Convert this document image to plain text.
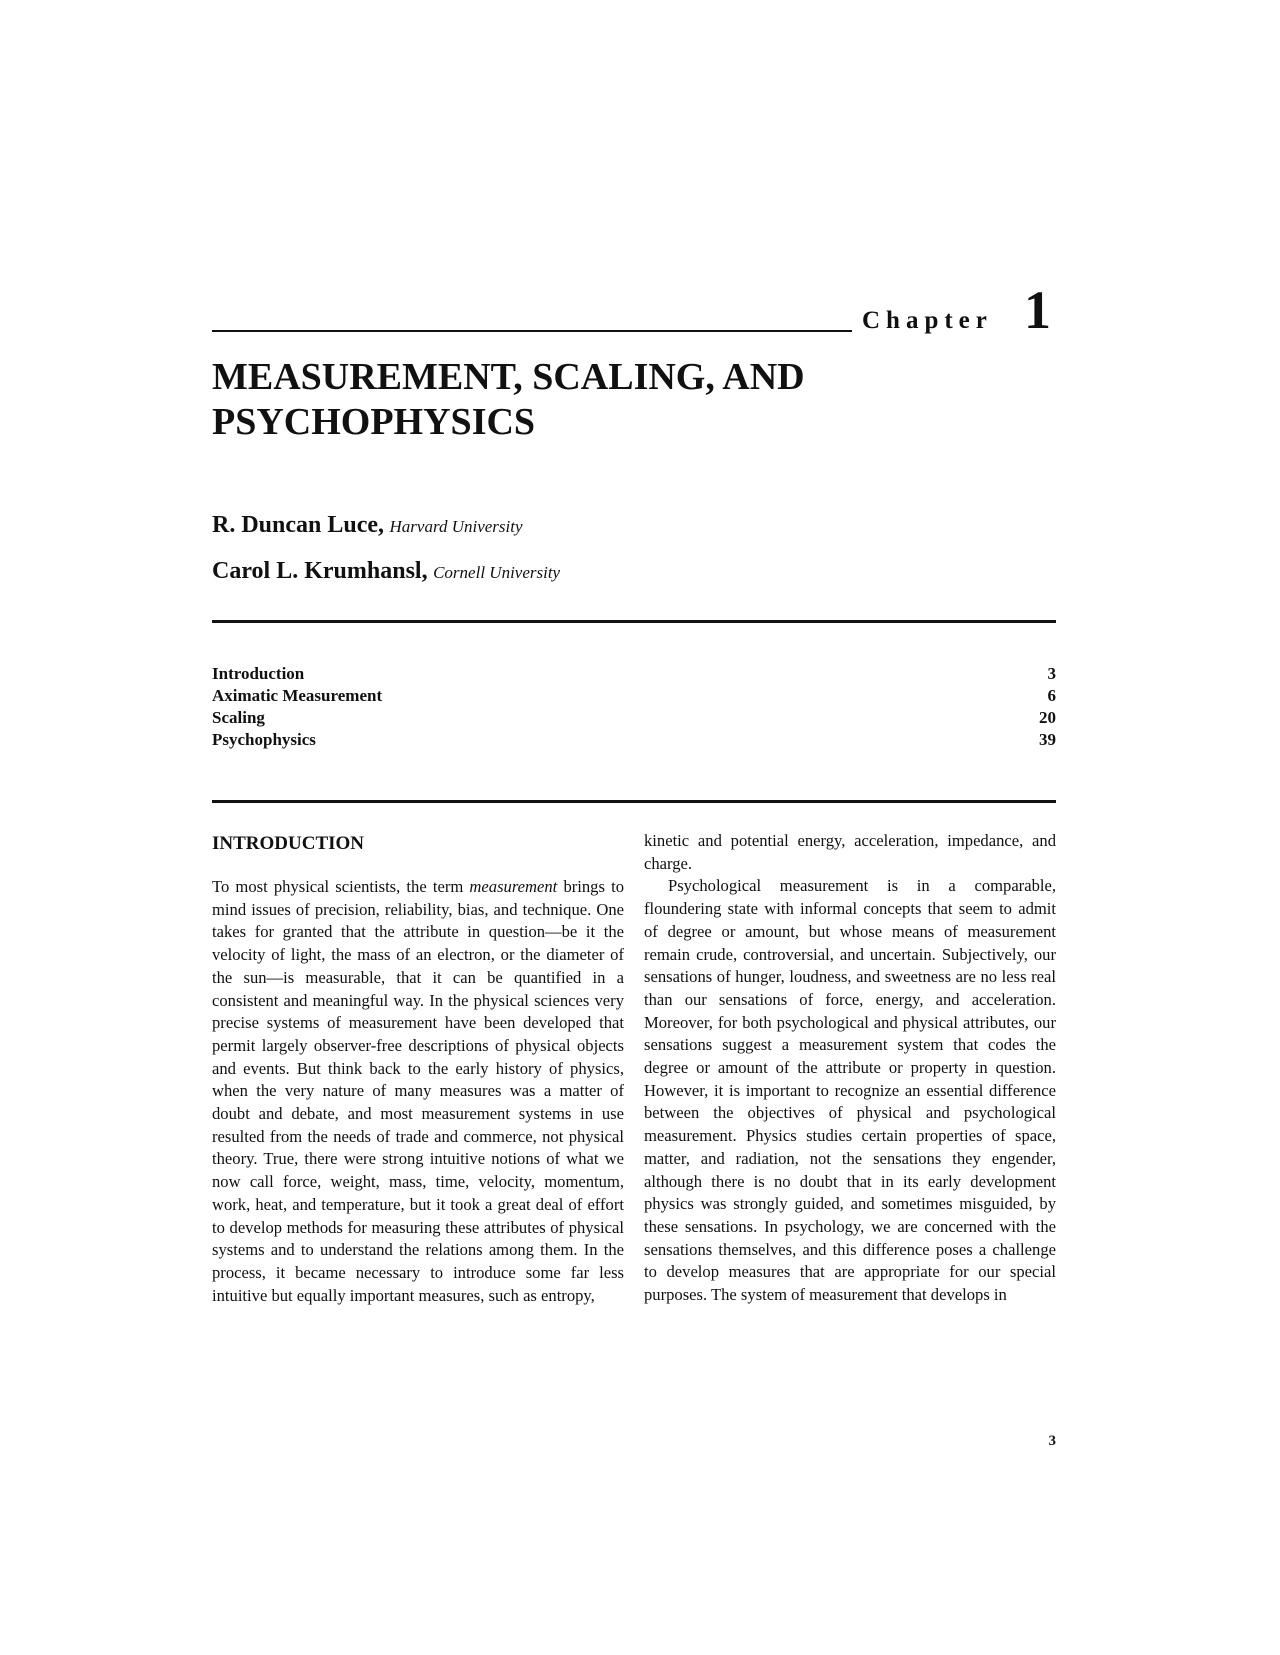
Chapter 1
MEASUREMENT, SCALING, AND
PSYCHOPHYSICS
R. Duncan Luce, Harvard University
Carol L. Krumhansl, Cornell University
Introduction	3
Aximatic Measurement	6
Scaling	20
Psychophysics	39
INTRODUCTION

To most physical scientists, the term measurement brings to mind issues of precision, reliability, bias, and technique. One takes for granted that the attribute in question—be it the velocity of light, the mass of an electron, or the diameter of the sun—is measurable, that it can be quantified in a consistent and meaningful way. In the physical sciences very precise systems of measurement have been developed that permit largely observer-free descriptions of physical objects and events. But think back to the early history of physics, when the very nature of many measures was a matter of doubt and debate, and most measurement systems in use resulted from the needs of trade and commerce, not physical theory. True, there were strong intuitive notions of what we now call force, weight, mass, time, velocity, momentum, work, heat, and temperature, but it took a great deal of effort to develop methods for measuring these attributes of physical systems and to understand the relations among them. In the process, it became necessary to introduce some far less intuitive but equally important measures, such as entropy,

kinetic and potential energy, acceleration, impedance, and charge.

Psychological measurement is in a comparable, floundering state with informal concepts that seem to admit of degree or amount, but whose means of measurement remain crude, controversial, and uncertain. Subjectively, our sensations of hunger, loudness, and sweetness are no less real than our sensations of force, energy, and acceleration. Moreover, for both psychological and physical attributes, our sensations suggest a measurement system that codes the degree or amount of the attribute or property in question. However, it is important to recognize an essential difference between the objectives of physical and psychological measurement. Physics studies certain properties of space, matter, and radiation, not the sensations they engender, although there is no doubt that in its early development physics was strongly guided, and sometimes misguided, by these sensations. In psychology, we are concerned with the sensations themselves, and this difference poses a challenge to develop measures that are appropriate for our special purposes. The system of measurement that develops in

3
